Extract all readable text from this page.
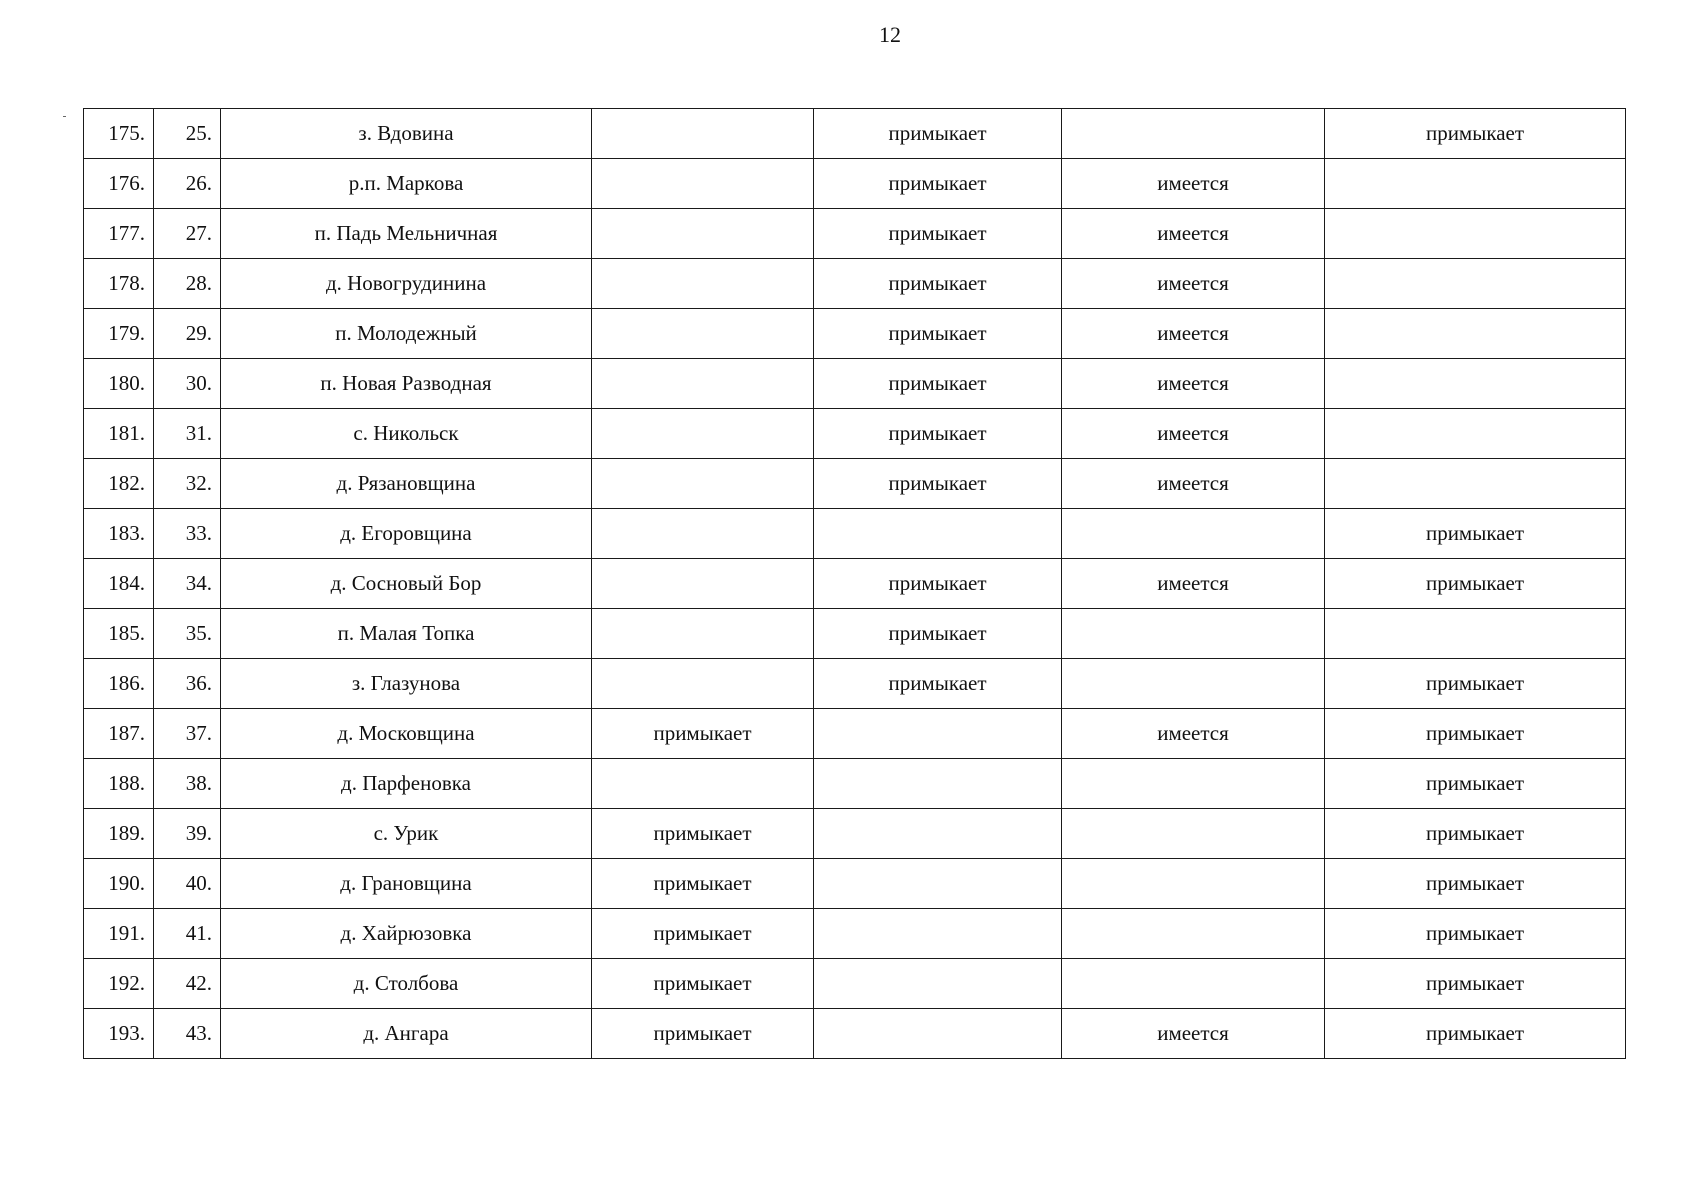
12
175.	25.	з. Вдовина		примыкает		примыкает
176.	26.	р.п. Маркова		примыкает	имеется	
177.	27.	п. Падь Мельничная		примыкает	имеется	
178.	28.	д. Новогрудинина		примыкает	имеется	
179.	29.	п. Молодежный		примыкает	имеется	
180.	30.	п. Новая Разводная		примыкает	имеется	
181.	31.	с. Никольск		примыкает	имеется	
182.	32.	д. Рязановщина		примыкает	имеется	
183.	33.	д. Егоровщина				примыкает
184.	34.	д. Сосновый Бор		примыкает	имеется	примыкает
185.	35.	п. Малая Топка		примыкает		
186.	36.	з. Глазунова		примыкает		примыкает
187.	37.	д. Московщина	примыкает		имеется	примыкает
188.	38.	д. Парфеновка				примыкает
189.	39.	с. Урик	примыкает			примыкает
190.	40.	д. Грановщина	примыкает			примыкает
191.	41.	д. Хайрюзовка	примыкает			примыкает
192.	42.	д. Столбова	примыкает			примыкает
193.	43.	д. Ангара	примыкает		имеется	примыкает
